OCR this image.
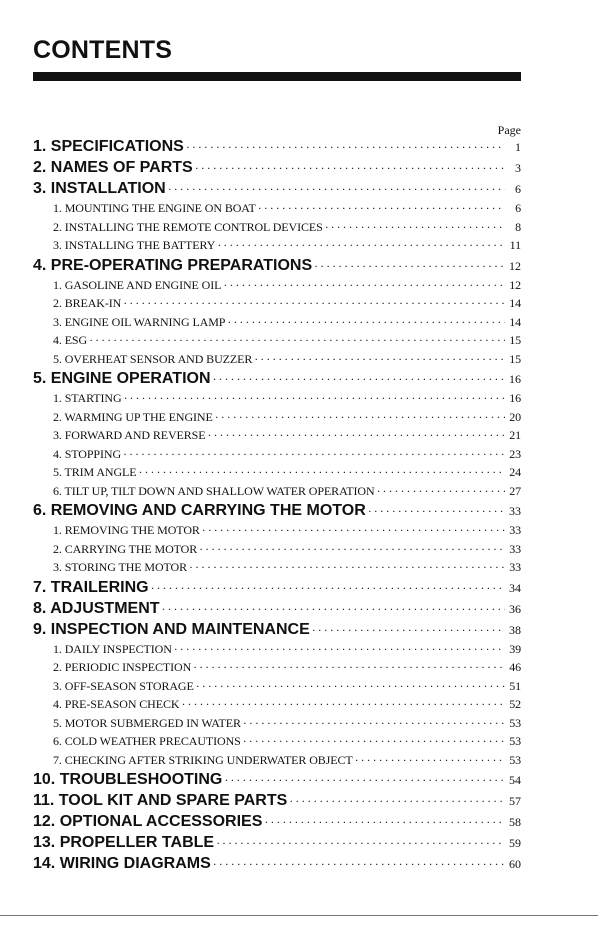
CONTENTS
Page
1. SPECIFICATIONS ·····	1
2. NAMES OF PARTS ·····	3
3. INSTALLATION ·····	6
1. MOUNTING THE ENGINE ON BOAT ·····	6
2. INSTALLING THE REMOTE CONTROL DEVICES ·····	8
3. INSTALLING THE BATTERY ·····	11
4. PRE-OPERATING PREPARATIONS ·····	12
1. GASOLINE AND ENGINE OIL ·····	12
2. BREAK-IN ·····	14
3. ENGINE OIL WARNING LAMP ·····	14
4. ESG ·····	15
5. OVERHEAT SENSOR AND BUZZER ·····	15
5. ENGINE OPERATION ·····	16
1. STARTING ·····	16
2. WARMING UP THE ENGINE ·····	20
3. FORWARD AND REVERSE ·····	21
4. STOPPING ·····	23
5. TRIM ANGLE ·····	24
6. TILT UP, TILT DOWN AND SHALLOW WATER OPERATION ·····	27
6. REMOVING AND CARRYING THE MOTOR ·····	33
1. REMOVING THE MOTOR ·····	33
2. CARRYING THE MOTOR ·····	33
3. STORING THE MOTOR ·····	33
7. TRAILERING ·····	34
8. ADJUSTMENT ·····	36
9. INSPECTION AND MAINTENANCE ·····	38
1. DAILY INSPECTION ·····	39
2. PERIODIC INSPECTION ·····	46
3. OFF-SEASON STORAGE ·····	51
4. PRE-SEASON CHECK ·····	52
5. MOTOR SUBMERGED IN WATER ·····	53
6. COLD WEATHER PRECAUTIONS ·····	53
7. CHECKING AFTER STRIKING UNDERWATER OBJECT ·····	53
10. TROUBLESHOOTING ·····	54
11. TOOL KIT AND SPARE PARTS ·····	57
12. OPTIONAL ACCESSORIES ·····	58
13. PROPELLER TABLE ·····	59
14. WIRING DIAGRAMS ·····	60
